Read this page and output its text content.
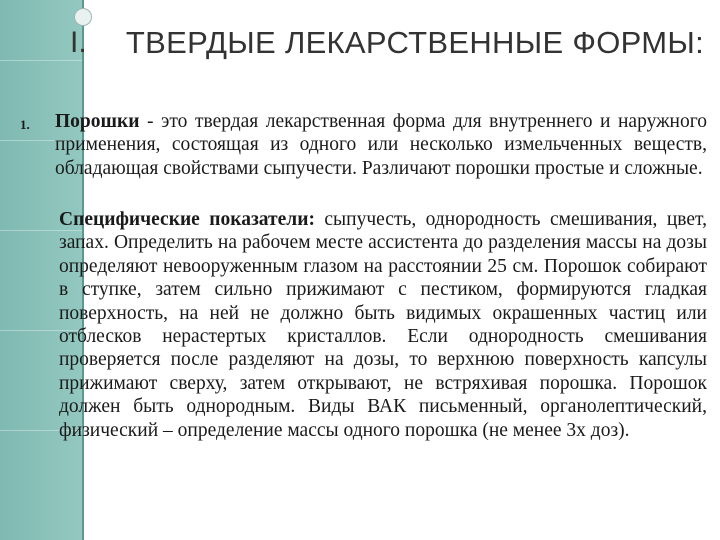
I.	ТВЕРДЫЕ ЛЕКАРСТВЕННЫЕ ФОРМЫ:
1. Порошки - это твердая лекарственная форма для внутреннего и наружного применения, состоящая из одного или несколько измельченных веществ, обладающая свойствами сыпучести. Различают порошки простые и сложные.

Специфические показатели: сыпучесть, однородность смешивания, цвет, запах. Определить на рабочем месте ассистента до разделения массы на дозы определяют невооруженным глазом на расстоянии 25 см. Порошок собирают в ступке, затем сильно прижимают с пестиком, формируются гладкая поверхность, на ней не должно быть видимых окрашенных частиц или отблесков нерастертых кристаллов. Если однородность смешивания проверяется после разделяют на дозы, то верхнюю поверхность капсулы прижимают сверху, затем открывают, не встряхивая порошка. Порошок должен быть однородным. Виды ВАК письменный, органолептический, физический – определение массы одного порошка (не менее 3х доз).
